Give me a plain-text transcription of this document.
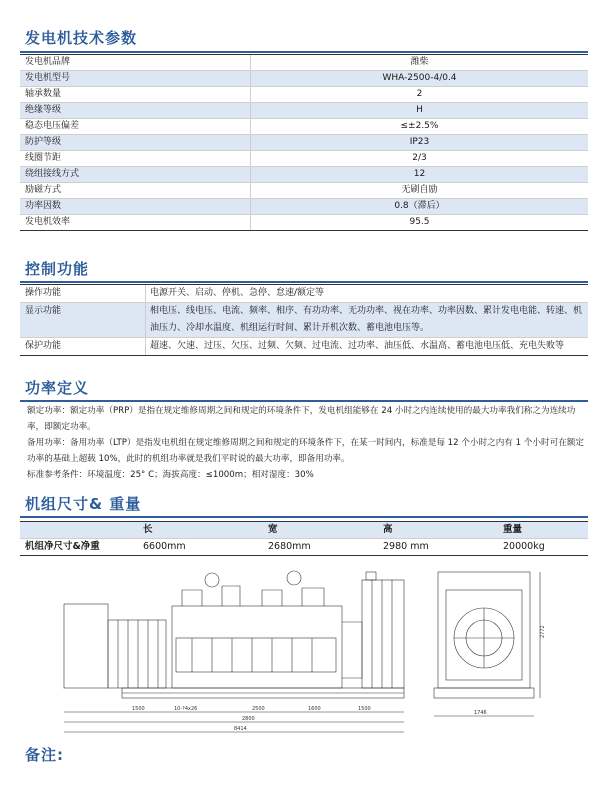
发电机技术参数
发电机品牌	潍柴
发电机型号	WHA-2500-4/0.4
轴承数量	2
绝缘等级	H
稳态电压偏差	≤±2.5%
防护等级	IP23
线圈节距	2/3
绕组接线方式	12
励磁方式	无刷自励
功率因数	0.8（滞后）
发电机效率	95.5
控制功能
操作功能	电源开关、启动、停机、急停、怠速/额定等
显示功能	相电压、线电压、电流、频率、相序、有功功率、无功功率、视在功率、功率因数、累计发电电能、转速、机油压力、冷却水温度、机组运行时间、累计开机次数、蓄电池电压等。
保护功能	超速、欠速、过压、欠压、过频、欠频、过电流、过功率、油压低、水温高、蓄电池电压低、充电失败等
功率定义
额定功率：额定功率（PRP）是指在规定维修周期之间和规定的环境条件下，发电机组能够在 24 小时之内连续使用的最大功率我们称之为连续功率，即额定功率。
备用功率：备用功率（LTP）是指发电机组在规定维修周期之间和规定的环境条件下，在某一时间内，标准是每 12 个小时之内有 1 个小时可在额定功率的基础上超载 10%，此时的机组功率就是我们平时说的最大功率，即备用功率。
标准参考条件：环境温度：25° C；海拔高度：≤1000m；相对湿度：30%
机组尺寸& 重量
	长	宽	高	重量
机组净尺寸&净重	6600mm	2680mm	2980 mm	20000kg
1500	10-?4x26	2500	1600	1500
2800
8414
1746
2772
备注:
